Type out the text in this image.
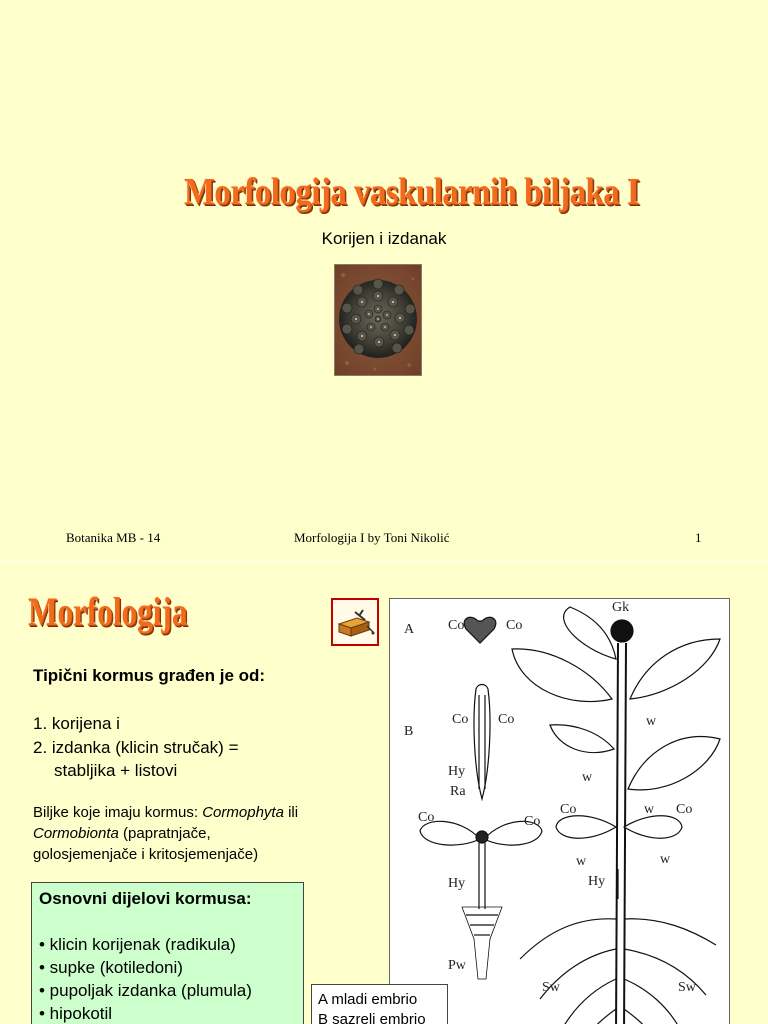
Morfologija vaskularnih biljaka I
Korijen i izdanak
Botanika MB - 14	Morfologija I by Toni Nikolić	1
Morfologija
Tipični kormus građen je od:
1. korijena i
2. izdanka (klicin stručak) =
stabljika + listovi
Biljke koje imaju kormus: Cormophyta ili
Cormobionta (papratnjače,
golosjemenjače i kritosjemenjače)
Osnovni dijelovi kormusa:
• klicin korijenak (radikula)
• supke (kotiledoni)
• pupoljak izdanka (plumula)
• hipokotil
A
B
Gk
Co	Co
Co Co
Hy
Ra
Co	Co
Hy
Pw
Co	Co
Hy
Sw	Sw
w
w
w
w	w
A mladi embrio
B sazreli embrio
